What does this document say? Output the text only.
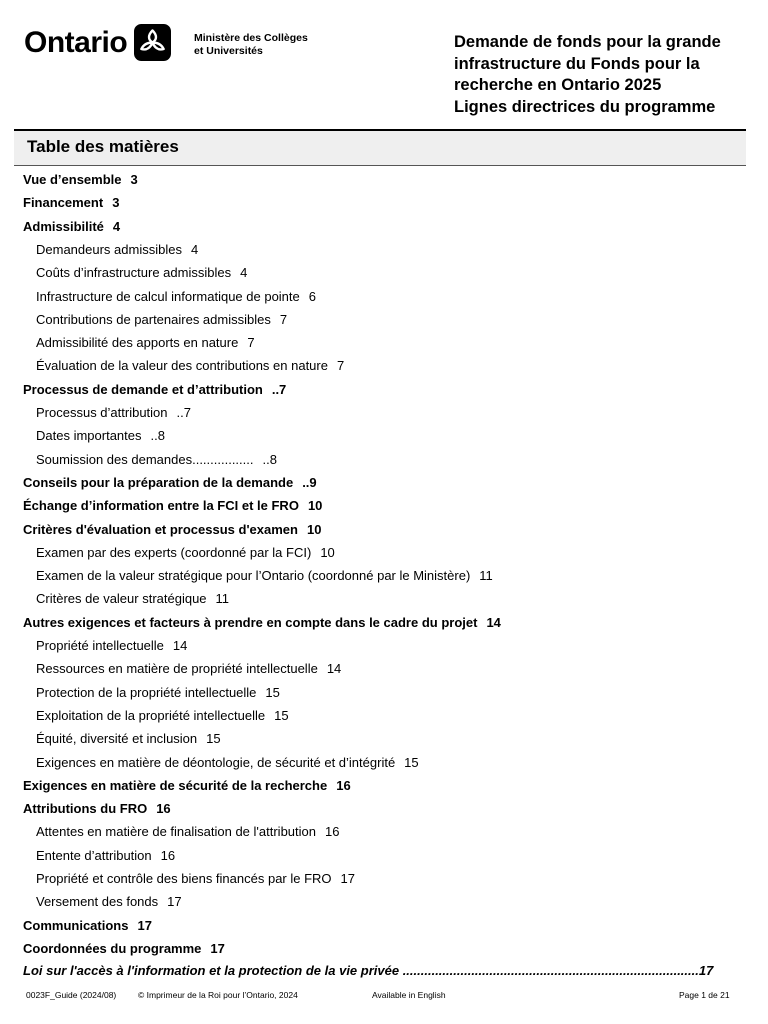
Ontario	Ministère des Collèges
et Universités	Demande de fonds pour la grande
infrastructure du Fonds pour la
recherche en Ontario 2025
Lignes directrices du programme
Table des matières
Vue d’ensemble 3
Financement 3
Admissibilité 4
Demandeurs admissibles 4
Coûts d’infrastructure admissibles 4
Infrastructure de calcul informatique de pointe 6
Contributions de partenaires admissibles 7
Admissibilité des apports en nature 7
Évaluation de la valeur des contributions en nature 7
Processus de demande et d’attribution ..7
Processus d’attribution ..7
Dates importantes ..8
Soumission des demandes................. ..8
Conseils pour la préparation de la demande ..9
Échange d’information entre la FCI et le FRO 10
Critères d'évaluation et processus d'examen 10
Examen par des experts (coordonné par la FCI) 10
Examen de la valeur stratégique pour l’Ontario (coordonné par le Ministère) 11
Critères de valeur stratégique 11
Autres exigences et facteurs à prendre en compte dans le cadre du projet 14
Propriété intellectuelle 14
Ressources en matière de propriété intellectuelle 14
Protection de la propriété intellectuelle 15
Exploitation de la propriété intellectuelle 15
Équité, diversité et inclusion 15
Exigences en matière de déontologie, de sécurité et d’intégrité 15
Exigences en matière de sécurité de la recherche 16
Attributions du FRO 16
Attentes en matière de finalisation de l'attribution 16
Entente d’attribution 16
Propriété et contrôle des biens financés par le FRO 17
Versement des fonds 17
Communications 17
Coordonnées du programme 17
Loi sur l'accès à l'information et la protection de la vie privée ..................................................................................17
0023F_Guide (2024/08)	© Imprimeur de la Roi pour l’Ontario, 2024	Available in English	Page 1 de 21
